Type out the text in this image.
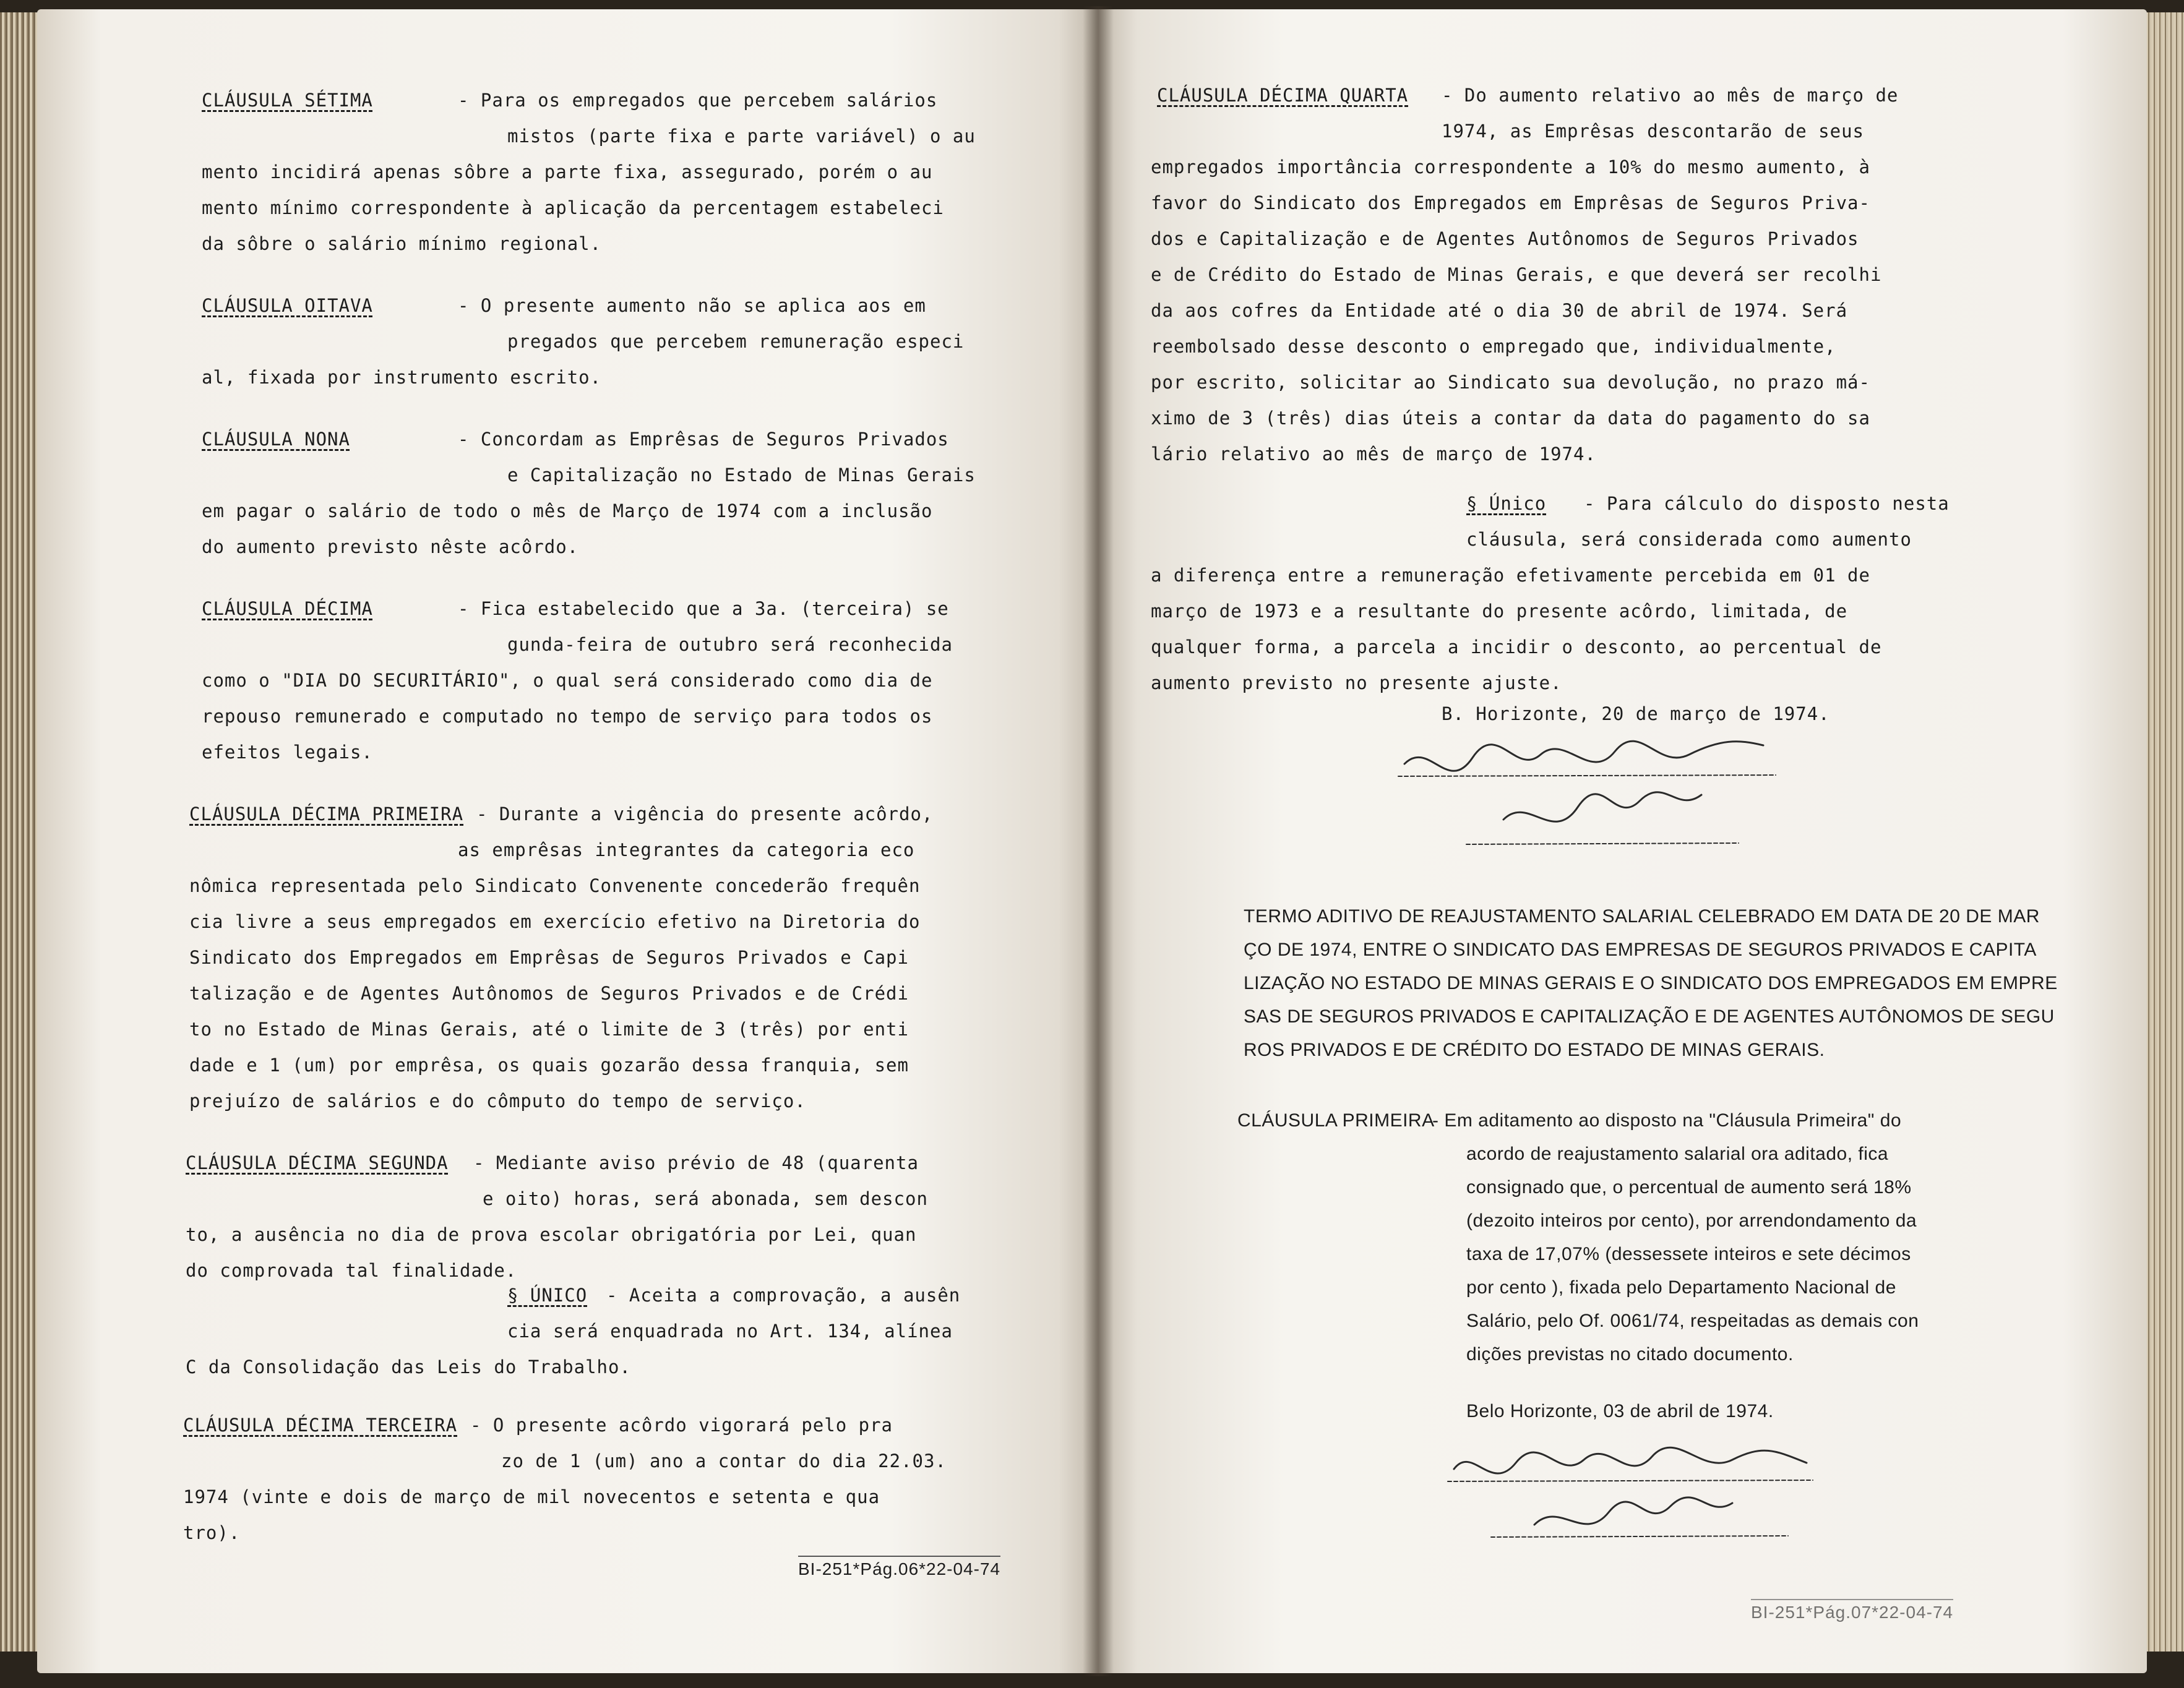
CLÁUSULA SÉTIMA	- Para os empregados que percebem salários
mistos (parte fixa e parte variável) o au
mento incidirá apenas sôbre a parte fixa, assegurado, porém o au
mento mínimo correspondente à aplicação da percentagem estabeleci
da sôbre o salário mínimo regional.
CLÁUSULA OITAVA	- O presente aumento não se aplica aos em
pregados que percebem remuneração especi
al, fixada por instrumento escrito.
CLÁUSULA NONA	- Concordam as Emprêsas de Seguros Privados
e Capitalização no Estado de Minas Gerais
em pagar o salário de todo o mês de Março de 1974 com a inclusão
do aumento previsto nêste acôrdo.
CLÁUSULA DÉCIMA	- Fica estabelecido que a 3a. (terceira) se
gunda-feira de outubro será reconhecida
como o "DIA DO SECURITÁRIO", o qual será considerado como dia de
repouso remunerado e computado no tempo de serviço para todos os
efeitos legais.
CLÁUSULA DÉCIMA PRIMEIRA - Durante a vigência do presente acôrdo,
as emprêsas integrantes da categoria eco
nômica representada pelo Sindicato Convenente concederão frequên
cia livre a seus empregados em exercício efetivo na Diretoria do
Sindicato dos Empregados em Emprêsas de Seguros Privados e Capi
talização e de Agentes Autônomos de Seguros Privados e de Crédi
to no Estado de Minas Gerais, até o limite de 3 (três) por enti
dade e 1 (um) por emprêsa, os quais gozarão dessa franquia, sem
prejuízo de salários e do cômputo do tempo de serviço.
CLÁUSULA DÉCIMA SEGUNDA - Mediante aviso prévio de 48 (quarenta
e oito) horas, será abonada, sem descon
to, a ausência no dia de prova escolar obrigatória por Lei, quan
do comprovada tal finalidade.
§ ÚNICO - Aceita a comprovação, a ausên
cia será enquadrada no Art. 134, alínea
C da Consolidação das Leis do Trabalho.
CLÁUSULA DÉCIMA TERCEIRA - O presente acôrdo vigorará pelo pra
zo de 1 (um) ano a contar do dia 22.03.
1974 (vinte e dois de março de mil novecentos e setenta e qua
tro).
BI-251*Pág.06*22-04-74
CLÁUSULA DÉCIMA QUARTA - Do aumento relativo ao mês de março de
1974, as Emprêsas descontarão de seus
empregados importância correspondente a 10% do mesmo aumento, à
favor do Sindicato dos Empregados em Emprêsas de Seguros Priva-
dos e Capitalização e de Agentes Autônomos de Seguros Privados
e de Crédito do Estado de Minas Gerais, e que deverá ser recolhi
da aos cofres da Entidade até o dia 30 de abril de 1974. Será
reembolsado desse desconto o empregado que, individualmente,
por escrito, solicitar ao Sindicato sua devolução, no prazo má-
ximo de 3 (três) dias úteis a contar da data do pagamento do sa
lário relativo ao mês de março de 1974.
§ Único - Para cálculo do disposto nesta
cláusula, será considerada como aumento
a diferença entre a remuneração efetivamente percebida em 01 de
março de 1973 e a resultante do presente acôrdo, limitada, de
qualquer forma, a parcela a incidir o desconto, ao percentual de
aumento previsto no presente ajuste.
B. Horizonte, 20 de março de 1974.
TERMO ADITIVO DE REAJUSTAMENTO SALARIAL CELEBRADO EM DATA DE 20 DE MAR
ÇO DE 1974, ENTRE O SINDICATO DAS EMPRESAS DE SEGUROS PRIVADOS E CAPITA
LIZAÇÃO NO ESTADO DE MINAS GERAIS E O SINDICATO DOS EMPREGADOS EM EMPRE
SAS DE SEGUROS PRIVADOS E CAPITALIZAÇÃO E DE AGENTES AUTÔNOMOS DE SEGU
ROS PRIVADOS E DE CRÉDITO DO ESTADO DE MINAS GERAIS.
CLÁUSULA PRIMEIRA
- Em aditamento ao disposto na "Cláusula Primeira" do
acordo de reajustamento salarial ora aditado, fica
consignado que, o percentual de aumento será 18%
(dezoito inteiros por cento), por arrendondamento da
taxa de 17,07% (dessessete inteiros e sete décimos
por cento ), fixada pelo Departamento Nacional de
Salário, pelo Of. 0061/74, respeitadas as demais con
dições previstas no citado documento.
Belo Horizonte, 03 de abril de 1974.
BI-251*Pág.07*22-04-74
